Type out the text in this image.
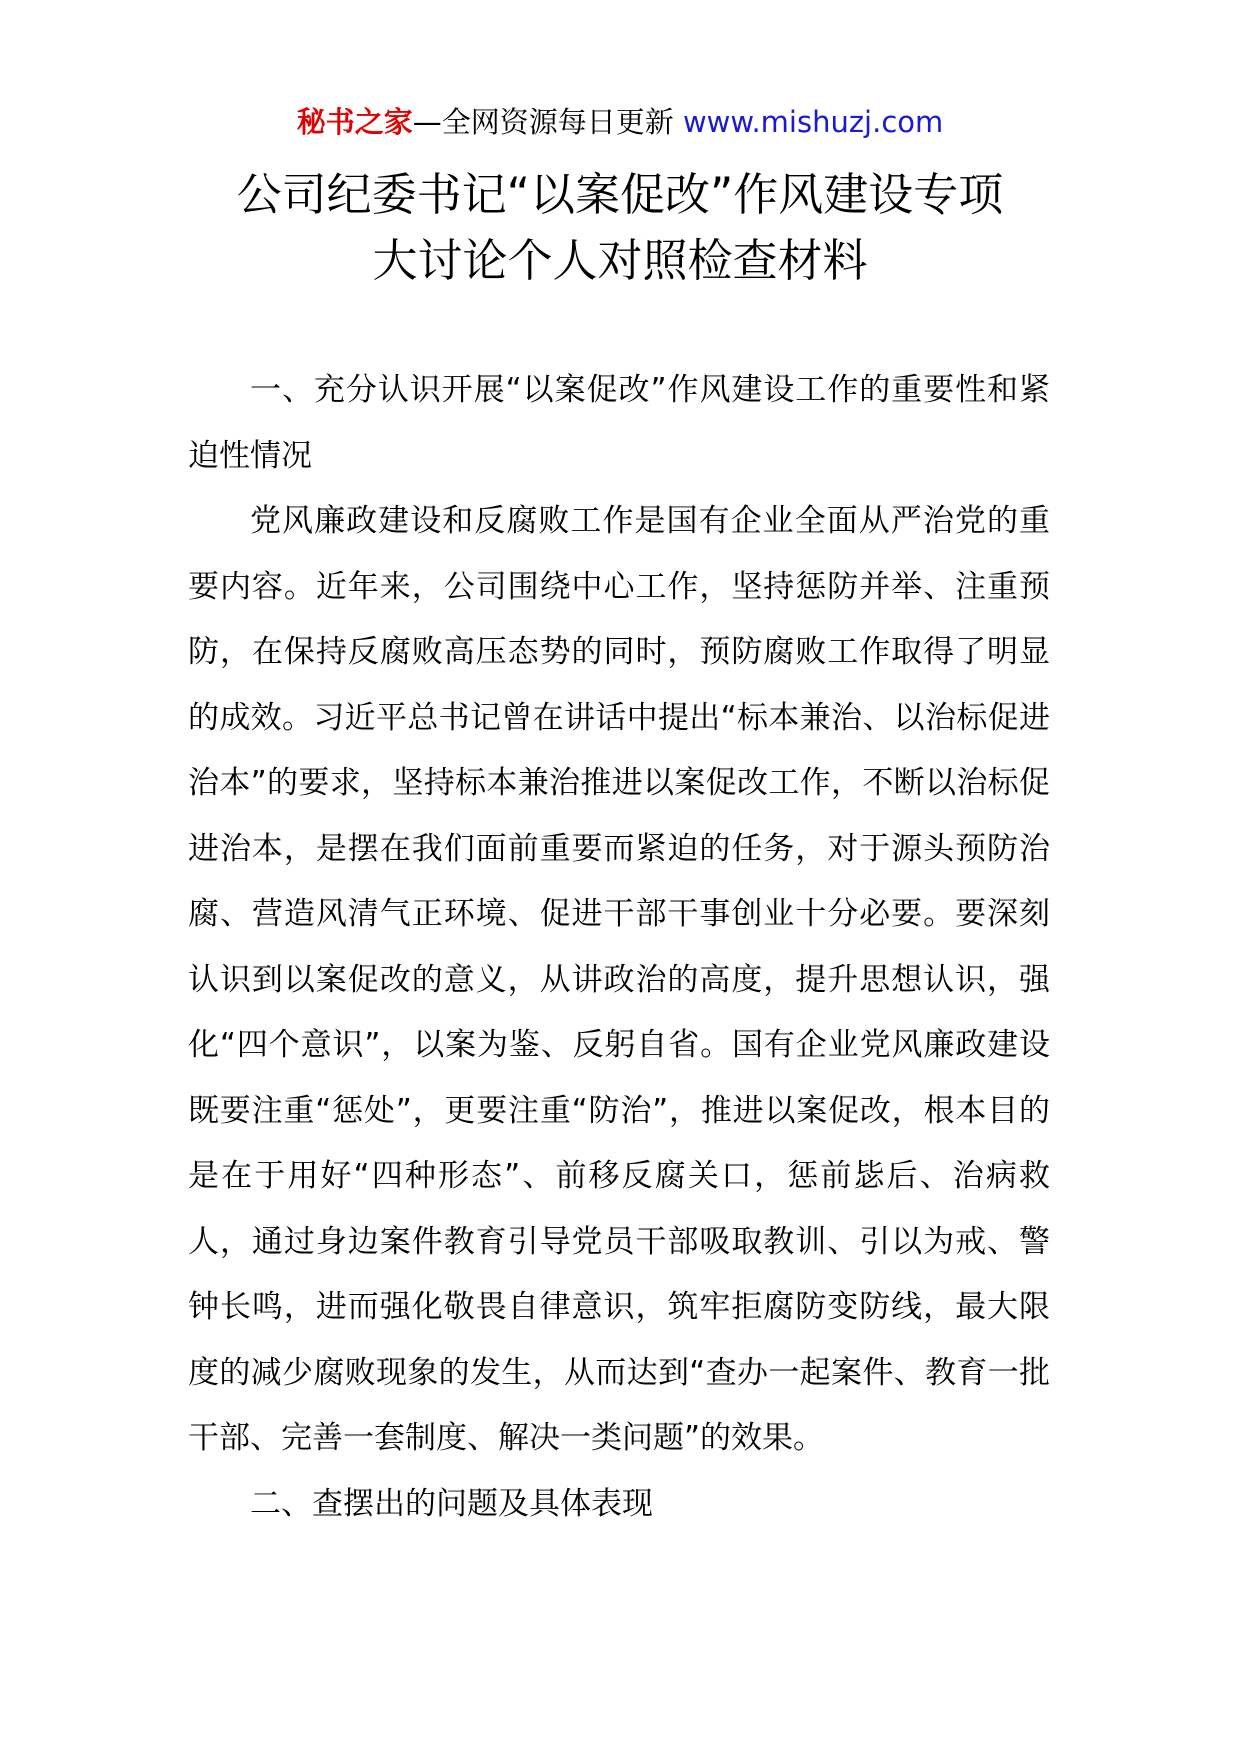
秘书之家—全网资源每日更新 www.mishuzj.com
公司纪委书记“以案促改”作风建设专项
大讨论个人对照检查材料

一、充分认识开展“以案促改”作风建设工作的重要性和紧迫性情况

党风廉政建设和反腐败工作是国有企业全面从严治党的重要内容。近年来，公司围绕中心工作，坚持惩防并举、注重预防，在保持反腐败高压态势的同时，预防腐败工作取得了明显的成效。习近平总书记曾在讲话中提出“标本兼治、以治标促进治本”的要求，坚持标本兼治推进以案促改工作，不断以治标促进治本，是摆在我们面前重要而紧迫的任务，对于源头预防治腐、营造风清气正环境、促进干部干事创业十分必要。要深刻认识到以案促改的意义，从讲政治的高度，提升思想认识，强化“四个意识”，以案为鉴、反躬自省。国有企业党风廉政建设既要注重“惩处”，更要注重“防治”，推进以案促改，根本目的是在于用好“四种形态”、前移反腐关口，惩前毖后、治病救人，通过身边案件教育引导党员干部吸取教训、引以为戒、警钟长鸣，进而强化敬畏自律意识，筑牢拒腐防变防线，最大限度的减少腐败现象的发生，从而达到“查办一起案件、教育一批干部、完善一套制度、解决一类问题”的效果。

二、查摆出的问题及具体表现
